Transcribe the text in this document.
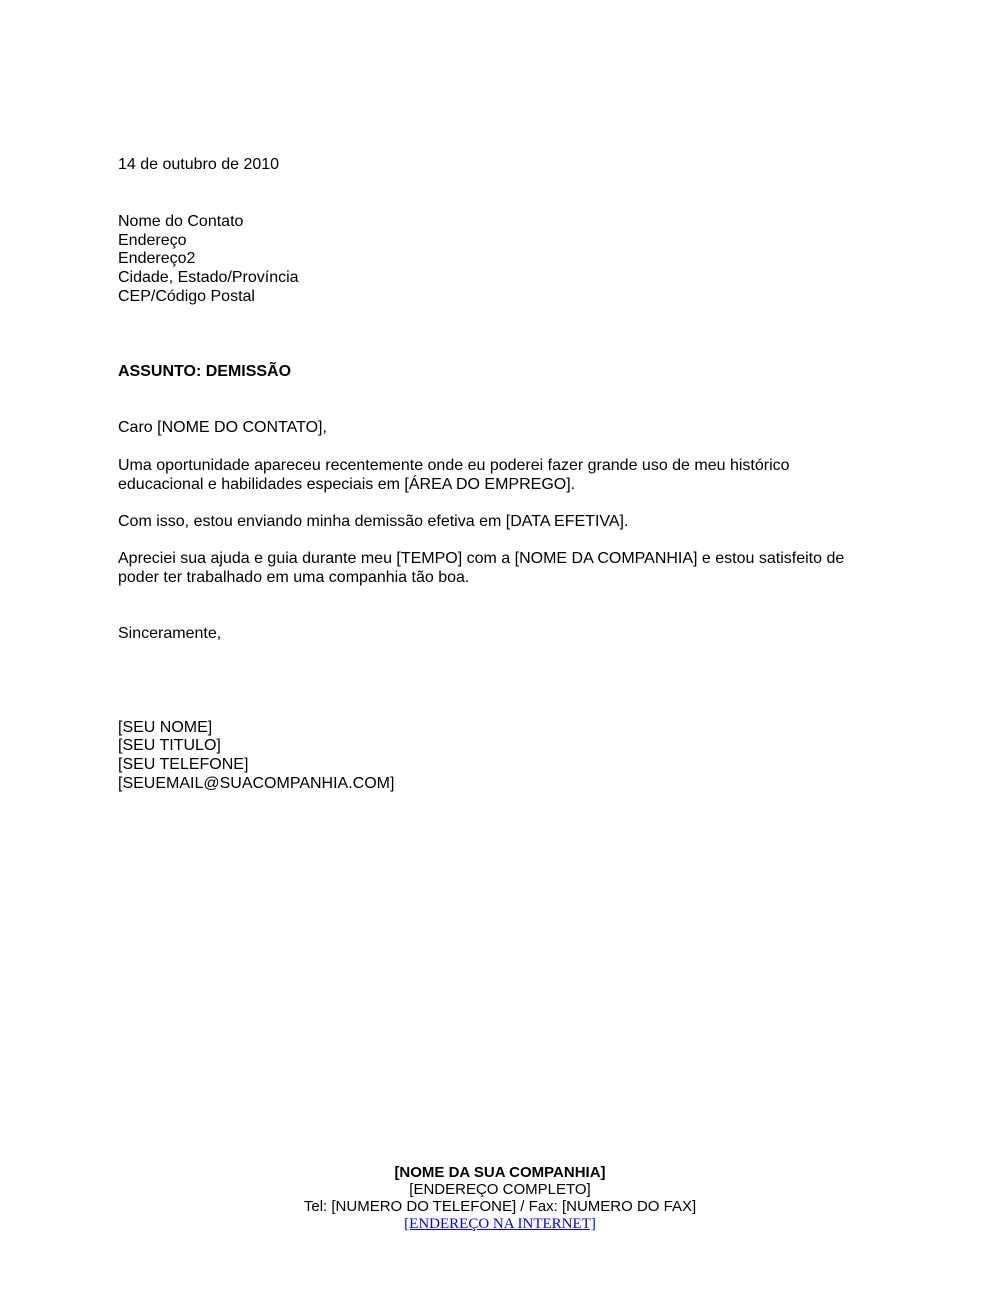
14 de outubro de 2010
Nome do Contato
Endereço
Endereço2
Cidade, Estado/Província
CEP/Código Postal
ASSUNTO: DEMISSÃO
Caro [NOME DO CONTATO],
Uma oportunidade apareceu recentemente onde eu poderei fazer grande uso de meu histórico
educacional e habilidades especiais em [ÁREA DO EMPREGO].
Com isso, estou enviando minha demissão efetiva em [DATA EFETIVA].
Apreciei sua ajuda e guia durante meu [TEMPO] com a [NOME DA COMPANHIA] e estou satisfeito de
poder ter trabalhado em uma companhia tão boa.
Sinceramente,
[SEU NOME]
[SEU TITULO]
[SEU TELEFONE]
[SEUEMAIL@SUACOMPANHIA.COM]
[NOME DA SUA COMPANHIA]
[ENDEREÇO COMPLETO]
Tel: [NUMERO DO TELEFONE] / Fax: [NUMERO DO FAX]
[ENDEREÇO NA INTERNET]
